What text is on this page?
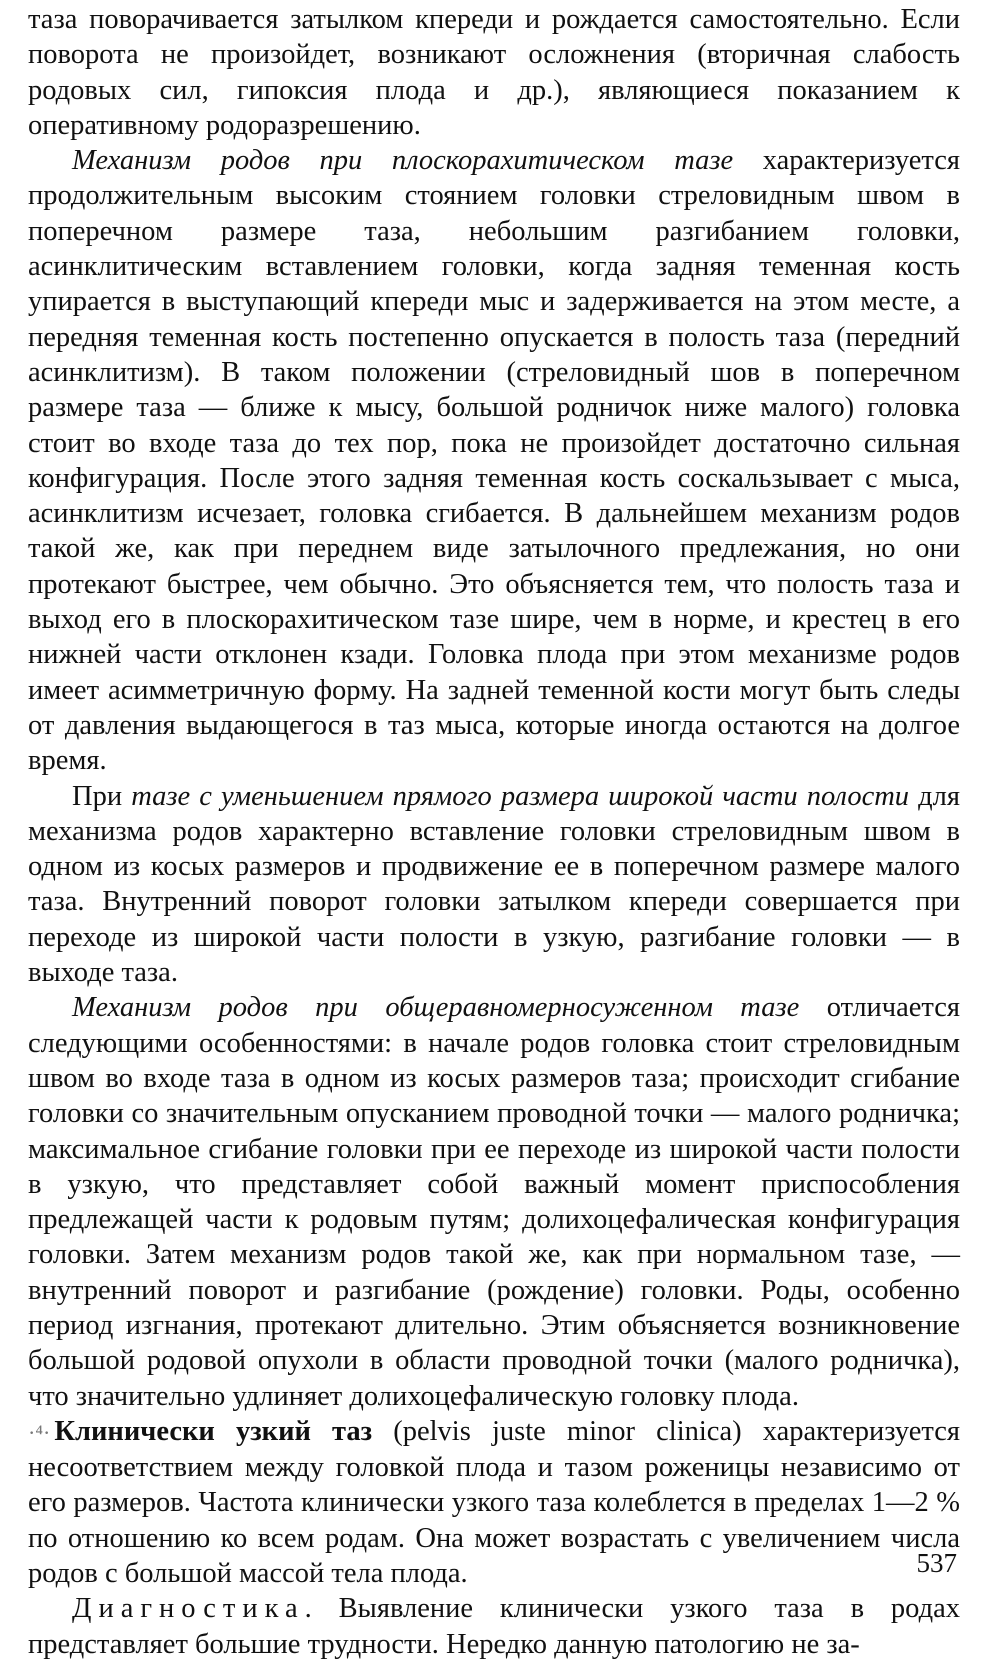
таза поворачивается затылком кпереди и рождается самостоятельно. Если поворота не произойдет, возникают осложнения (вторичная слабость родовых сил, гипоксия плода и др.), являющиеся показанием к оперативному родоразрешению.

Механизм родов при плоскорахитическом тазе характеризуется продолжительным высоким стоянием головки стреловидным швом в поперечном размере таза, небольшим разгибанием головки, асинклитическим вставлением головки, когда задняя теменная кость упирается в выступающий кпереди мыс и задерживается на этом месте, а передняя теменная кость постепенно опускается в полость таза (передний асинклитизм). В таком положении (стреловидный шов в поперечном размере таза — ближе к мысу, большой родничок ниже малого) головка стоит во входе таза до тех пор, пока не произойдет достаточно сильная конфигурация. После этого задняя теменная кость соскальзывает с мыса, асинклитизм исчезает, головка сгибается. В дальнейшем механизм родов такой же, как при переднем виде затылочного предлежания, но они протекают быстрее, чем обычно. Это объясняется тем, что полость таза и выход его в плоскорахитическом тазе шире, чем в норме, и крестец в его нижней части отклонен кзади. Головка плода при этом механизме родов имеет асимметричную форму. На задней теменной кости могут быть следы от давления выдающегося в таз мыса, которые иногда остаются на долгое время.

При тазе с уменьшением прямого размера широкой части полости для механизма родов характерно вставление головки стреловидным швом в одном из косых размеров и продвижение ее в поперечном размере малого таза. Внутренний поворот головки затылком кпереди совершается при переходе из широкой части полости в узкую, разгибание головки — в выходе таза.

Механизм родов при общеравномерносуженном тазе отличается следующими особенностями: в начале родов головка стоит стреловидным швом во входе таза в одном из косых размеров таза; происходит сгибание головки со значительным опусканием проводной точки — малого родничка; максимальное сгибание головки при ее переходе из широкой части полости в узкую, что представляет собой важный момент приспособления предлежащей части к родовым путям; долихоцефалическая конфигурация головки. Затем механизм родов такой же, как при нормальном тазе, — внутренний поворот и разгибание (рождение) головки. Роды, особенно период изгнания, протекают длительно. Этим объясняется возникновение большой родовой опухоли в области проводной точки (малого родничка), что значительно удлиняет долихоцефалическую головку плода.

·⁴· Клинически узкий таз (pelvis juste minor clinica) характеризуется несоответствием между головкой плода и тазом роженицы независимо от его размеров. Частота клинически узкого таза колеблется в пределах 1—2 % по отношению ко всем родам. Она может возрастать с увеличением числа родов с большой массой тела плода.

Диагностика. Выявление клинически узкого таза в родах представляет большие трудности. Нередко данную патологию не за-

537
